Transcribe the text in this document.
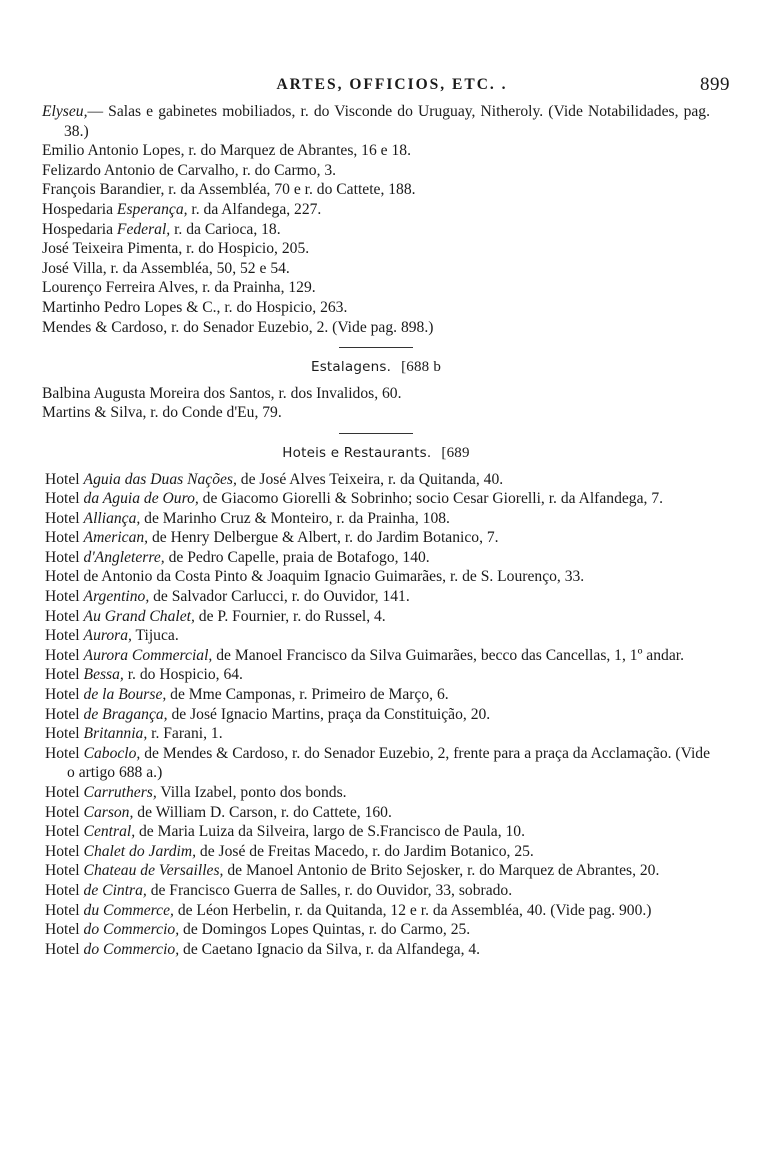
ARTES, OFFICIOS, ETC. .	899

Elyseu,— Salas e gabinetes mobiliados, r. do Visconde do Uruguay, Nitheroly. (Vide Notabilidades, pag. 38.)

Emilio Antonio Lopes, r. do Marquez de Abrantes, 16 e 18.

Felizardo Antonio de Carvalho, r. do Carmo, 3.

François Barandier, r. da Assembléa, 70 e r. do Cattete, 188.

Hospedaria Esperança, r. da Alfandega, 227.

Hospedaria Federal, r. da Carioca, 18.

José Teixeira Pimenta, r. do Hospicio, 205.

José Villa, r. da Assembléa, 50, 52 e 54.

Lourenço Ferreira Alves, r. da Prainha, 129.

Martinho Pedro Lopes & C., r. do Hospicio, 263.

Mendes & Cardoso, r. do Senador Euzebio, 2. (Vide pag. 898.)

Estalagens. [688 b

Balbina Augusta Moreira dos Santos, r. dos Invalidos, 60.

Martins & Silva, r. do Conde d'Eu, 79.

Hoteis e Restaurants. [689

Hotel Aguia das Duas Nações, de José Alves Teixeira, r. da Quitanda, 40.

Hotel da Aguia de Ouro, de Giacomo Giorelli & Sobrinho; socio Cesar Giorelli, r. da Alfandega, 7.

Hotel Alliança, de Marinho Cruz & Monteiro, r. da Prainha, 108.

Hotel American, de Henry Delbergue & Albert, r. do Jardim Botanico, 7.

Hotel d'Angleterre, de Pedro Capelle, praia de Botafogo, 140.

Hotel de Antonio da Costa Pinto & Joaquim Ignacio Guimarães, r. de S. Lourenço, 33.

Hotel Argentino, de Salvador Carlucci, r. do Ouvidor, 141.

Hotel Au Grand Chalet, de P. Fournier, r. do Russel, 4.

Hotel Aurora, Tijuca.

Hotel Aurora Commercial, de Manoel Francisco da Silva Guimarães, becco das Cancellas, 1, 1º andar.

Hotel Bessa, r. do Hospicio, 64.

Hotel de la Bourse, de Mme Camponas, r. Primeiro de Março, 6.

Hotel de Bragança, de José Ignacio Martins, praça da Constituição, 20.

Hotel Britannia, r. Farani, 1.

Hotel Caboclo, de Mendes & Cardoso, r. do Senador Euzebio, 2, frente para a praça da Acclamação. (Vide o artigo 688 a.)

Hotel Carruthers, Villa Izabel, ponto dos bonds.

Hotel Carson, de William D. Carson, r. do Cattete, 160.

Hotel Central, de Maria Luiza da Silveira, largo de S.Francisco de Paula, 10.

Hotel Chalet do Jardim, de José de Freitas Macedo, r. do Jardim Botanico, 25.

Hotel Chateau de Versailles, de Manoel Antonio de Brito Sejosker, r. do Marquez de Abrantes, 20.

Hotel de Cintra, de Francisco Guerra de Salles, r. do Ouvidor, 33, sobrado.

Hotel du Commerce, de Léon Herbelin, r. da Quitanda, 12 e r. da Assembléa, 40. (Vide pag. 900.)

Hotel do Commercio, de Domingos Lopes Quintas, r. do Carmo, 25.

Hotel do Commercio, de Caetano Ignacio da Silva, r. da Alfandega, 4.
